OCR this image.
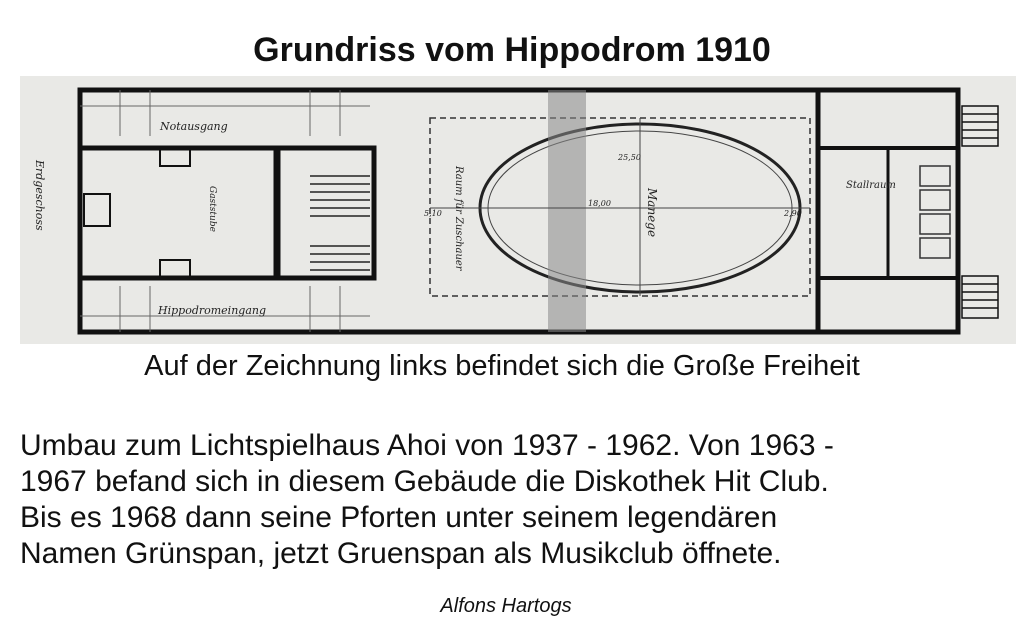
Grundriss vom Hippodrom 1910
Erdgeschoss
Notausgang
Hippodromeingang
Gaststube	Raum für Zuschauer	Manege
Stallraum
18,00
25,50
5,10	2,90
Auf der Zeichnung links befindet sich die Große Freiheit
Umbau zum Lichtspielhaus Ahoi von 1937 - 1962. Von 1963 -
1967 befand sich in diesem Gebäude die Diskothek Hit Club.
Bis es 1968 dann seine Pforten unter seinem legendären
Namen Grünspan, jetzt Gruenspan als Musikclub öffnete.
Alfons Hartogs
